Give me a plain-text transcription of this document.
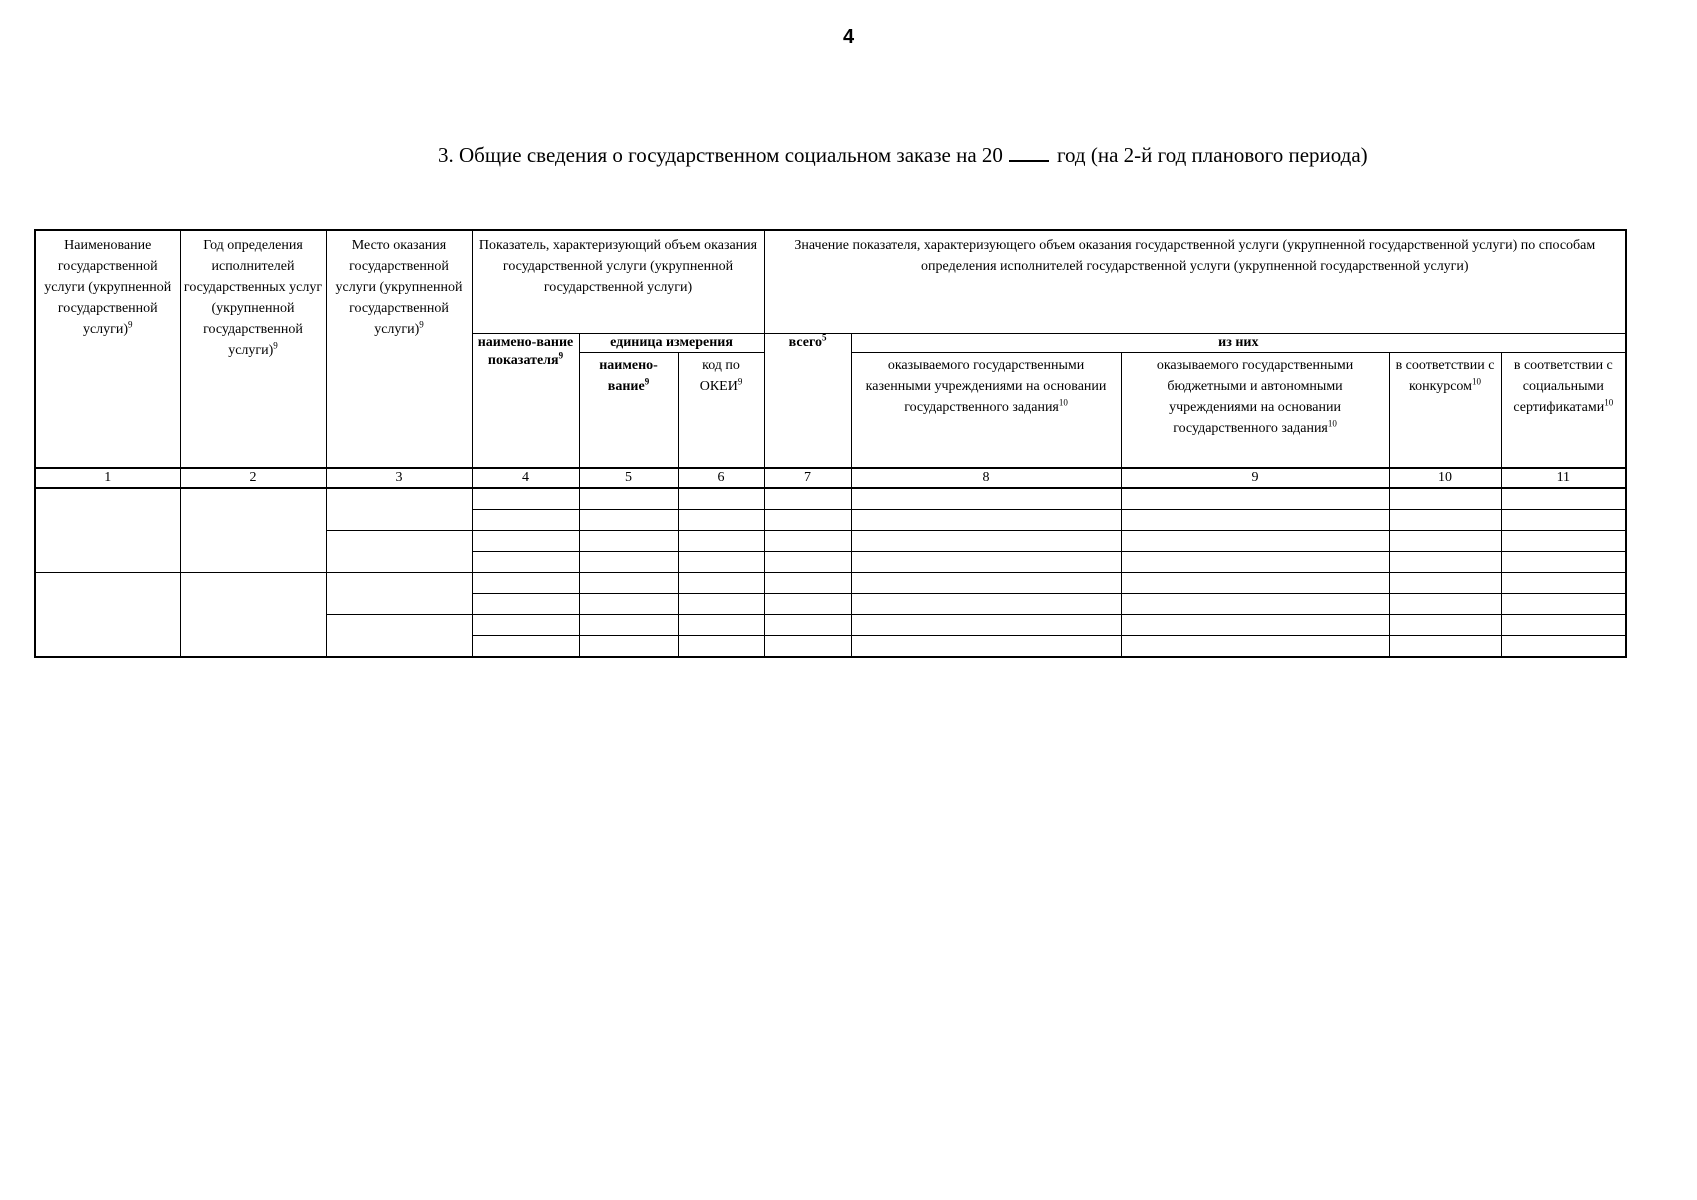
4
3. Общие сведения о государственном социальном заказе на 20	год (на 2-й год планового периода)
Наименование государственной услуги (укрупненной государственной услуги)$^9$	Год определения исполнителей государственных услуг (укрупненной государственной услуги)$^9$	Место оказания государственной услуги (укрупненной государственной услуги)$^9$	Показатель, характеризующий объем оказания государственной услуги (укрупненной государственной услуги)			Значение показателя, характеризующего объем оказания государственной услуги (укрупненной государственной услуги) по способам определения исполнителей государственной услуги (укрупненной государственной услуги)				
			наимено-вание показателя$^9$	единица измерения		всего$^5$	из них			
				наимено-вание$^9$	код по ОКЕИ$^9$		оказываемого государственными казенными учреждениями на основании государственного задания$^{10}$	оказываемого государственными бюджетными и автономными учреждениями на основании государственного задания$^{10}$	в соответствии с конкурсом$^{10}$	в соответствии с социальными сертификатами$^{10}$
1	2	3	4	5	6	7	8	9	10	11
